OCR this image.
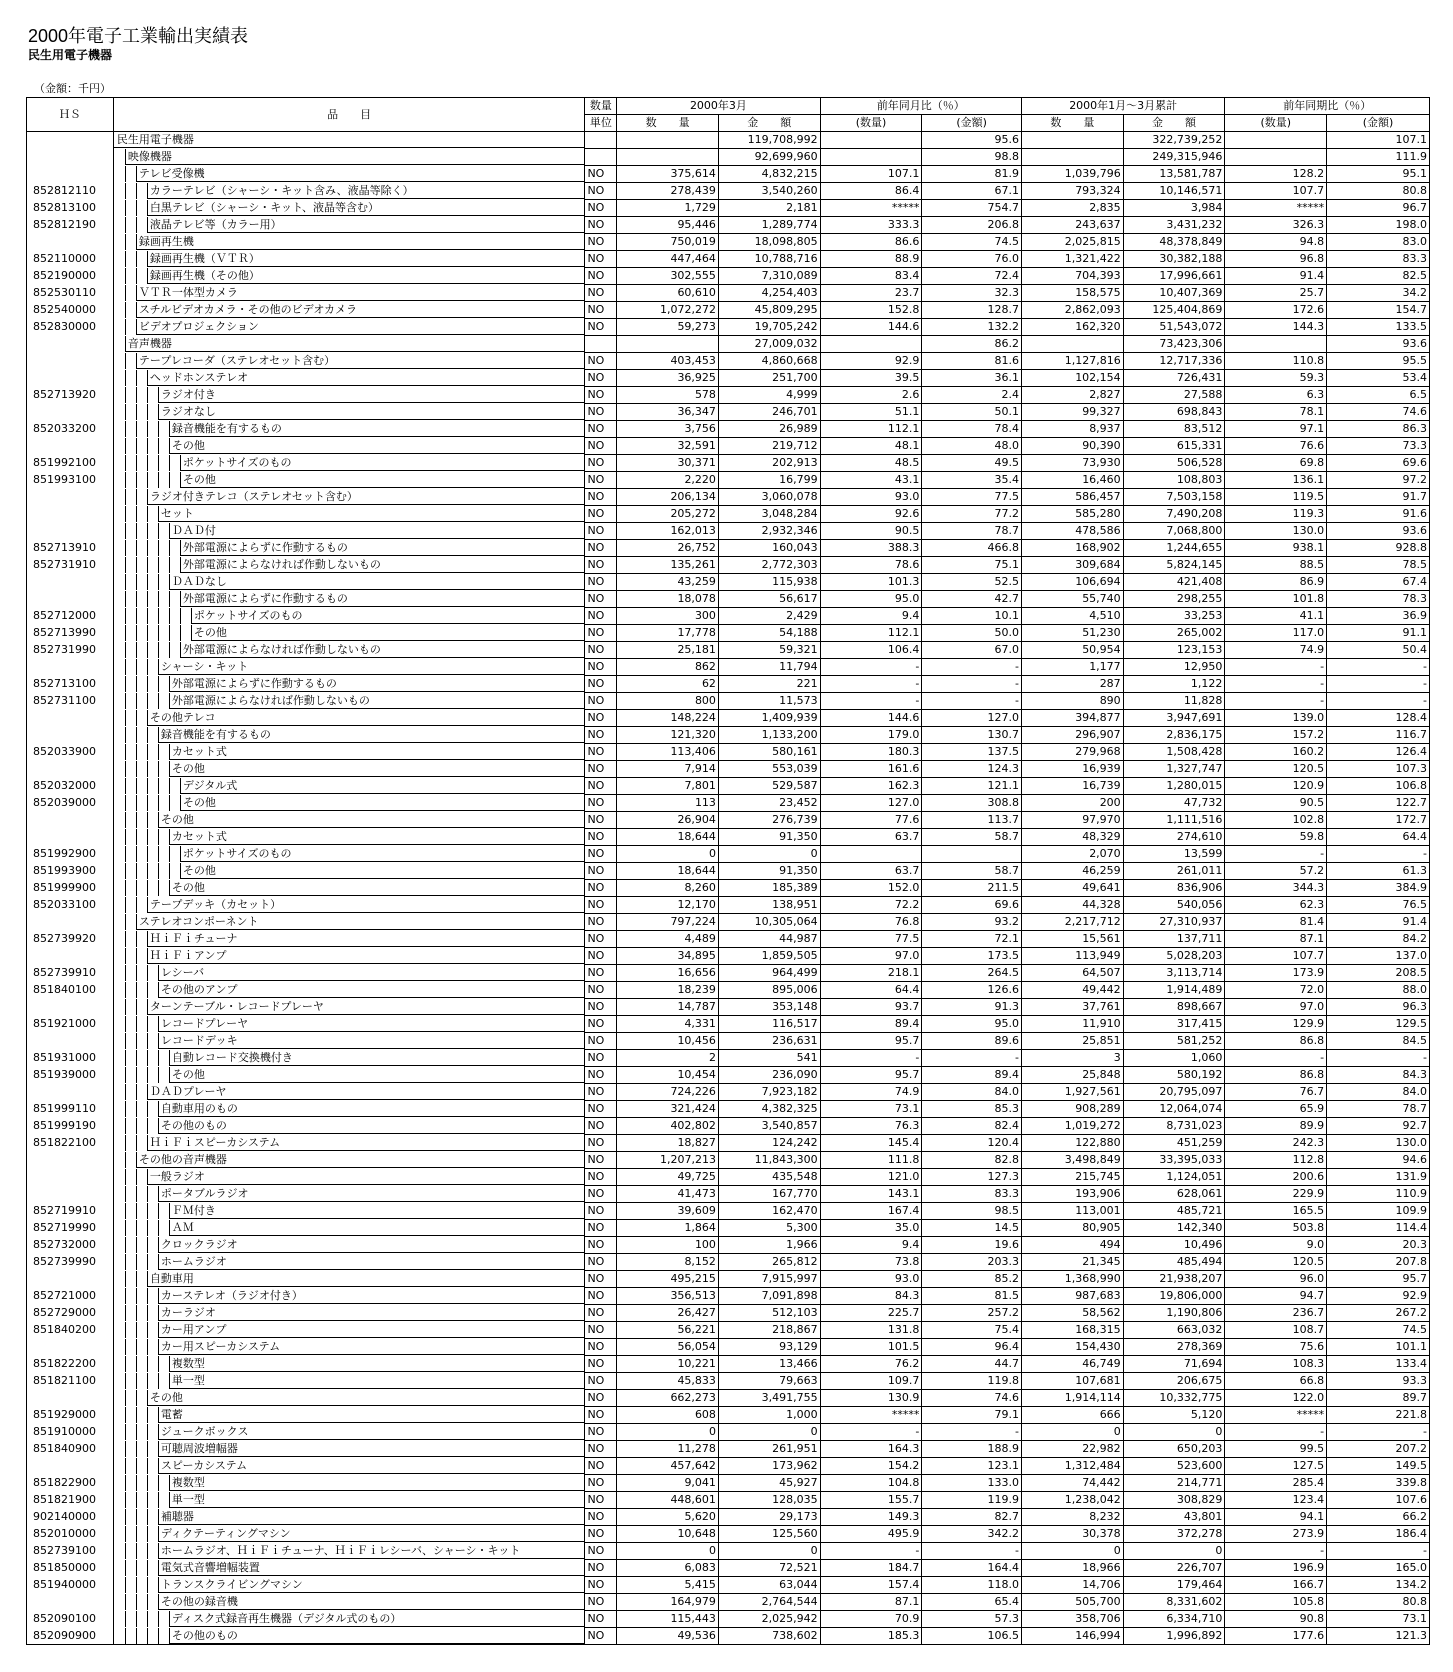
2000年電子工業輸出実績表
民生用電子機器
（金額：千円）
ＨＳ	品　　目	数量	2000年3月		前年同月比（％）		2000年1月～3月累計		前年同期比（％）	
		単位	数　　量	金　　額	(数量)	(金額)	数　　量	金　　額	(数量)	(金額)

	民生用電子機器			119,708,992		95.6		322,739,252		107.1

	映像機器			92,699,960		98.8		249,315,946		111.9

	テレビ受像機	NO	375,614	4,832,215	107.1	81.9	1,039,796	13,581,787	128.2	95.1
852812110	カラーテレビ（シャーシ・キット含み、液晶等除く）	NO	278,439	3,540,260	86.4	67.1	793,324	10,146,571	107.7	80.8
852813100	白黒テレビ（シャーシ・キット、液晶等含む）	NO	1,729	2,181	*****	754.7	2,835	3,984	*****	96.7
852812190	液晶テレビ等（カラー用）	NO	95,446	1,289,774	333.3	206.8	243,637	3,431,232	326.3	198.0

	録画再生機	NO	750,019	18,098,805	86.6	74.5	2,025,815	48,378,849	94.8	83.0
852110000	録画再生機（ＶＴＲ）	NO	447,464	10,788,716	88.9	76.0	1,321,422	30,382,188	96.8	83.3
852190000	録画再生機（その他）	NO	302,555	7,310,089	83.4	72.4	704,393	17,996,661	91.4	82.5
852530110	ＶＴＲ一体型カメラ	NO	60,610	4,254,403	23.7	32.3	158,575	10,407,369	25.7	34.2
852540000	スチルビデオカメラ・その他のビデオカメラ	NO	1,072,272	45,809,295	152.8	128.7	2,862,093	125,404,869	172.6	154.7
852830000	ビデオプロジェクション	NO	59,273	19,705,242	144.6	132.2	162,320	51,543,072	144.3	133.5

	音声機器			27,009,032		86.2		73,423,306		93.6

	テープレコーダ（ステレオセット含む）	NO	403,453	4,860,668	92.9	81.6	1,127,816	12,717,336	110.8	95.5

	ヘッドホンステレオ	NO	36,925	251,700	39.5	36.1	102,154	726,431	59.3	53.4
852713920	ラジオ付き	NO	578	4,999	2.6	2.4	2,827	27,588	6.3	6.5

	ラジオなし	NO	36,347	246,701	51.1	50.1	99,327	698,843	78.1	74.6
852033200	録音機能を有するもの	NO	3,756	26,989	112.1	78.4	8,937	83,512	97.1	86.3

	その他	NO	32,591	219,712	48.1	48.0	90,390	615,331	76.6	73.3
851992100	ポケットサイズのもの	NO	30,371	202,913	48.5	49.5	73,930	506,528	69.8	69.6
851993100	その他	NO	2,220	16,799	43.1	35.4	16,460	108,803	136.1	97.2

	ラジオ付きテレコ（ステレオセット含む）	NO	206,134	3,060,078	93.0	77.5	586,457	7,503,158	119.5	91.7

	セット	NO	205,272	3,048,284	92.6	77.2	585,280	7,490,208	119.3	91.6

	ＤＡＤ付	NO	162,013	2,932,346	90.5	78.7	478,586	7,068,800	130.0	93.6
852713910	外部電源によらずに作動するもの	NO	26,752	160,043	388.3	466.8	168,902	1,244,655	938.1	928.8
852731910	外部電源によらなければ作動しないもの	NO	135,261	2,772,303	78.6	75.1	309,684	5,824,145	88.5	78.5

	ＤＡＤなし	NO	43,259	115,938	101.3	52.5	106,694	421,408	86.9	67.4

	外部電源によらずに作動するもの	NO	18,078	56,617	95.0	42.7	55,740	298,255	101.8	78.3
852712000	ポケットサイズのもの	NO	300	2,429	9.4	10.1	4,510	33,253	41.1	36.9
852713990	その他	NO	17,778	54,188	112.1	50.0	51,230	265,002	117.0	91.1
852731990	外部電源によらなければ作動しないもの	NO	25,181	59,321	106.4	67.0	50,954	123,153	74.9	50.4

	シャーシ・キット	NO	862	11,794	-	-	1,177	12,950	-	-
852713100	外部電源によらずに作動するもの	NO	62	221	-	-	287	1,122	-	-
852731100	外部電源によらなければ作動しないもの	NO	800	11,573	-	-	890	11,828	-	-

	その他テレコ	NO	148,224	1,409,939	144.6	127.0	394,877	3,947,691	139.0	128.4

	録音機能を有するもの	NO	121,320	1,133,200	179.0	130.7	296,907	2,836,175	157.2	116.7
852033900	カセット式	NO	113,406	580,161	180.3	137.5	279,968	1,508,428	160.2	126.4

	その他	NO	7,914	553,039	161.6	124.3	16,939	1,327,747	120.5	107.3
852032000	デジタル式	NO	7,801	529,587	162.3	121.1	16,739	1,280,015	120.9	106.8
852039000	その他	NO	113	23,452	127.0	308.8	200	47,732	90.5	122.7

	その他	NO	26,904	276,739	77.6	113.7	97,970	1,111,516	102.8	172.7

	カセット式	NO	18,644	91,350	63.7	58.7	48,329	274,610	59.8	64.4
851992900	ポケットサイズのもの	NO	0	0			2,070	13,599	-	-
851993900	その他	NO	18,644	91,350	63.7	58.7	46,259	261,011	57.2	61.3
851999900	その他	NO	8,260	185,389	152.0	211.5	49,641	836,906	344.3	384.9
852033100	テープデッキ（カセット）	NO	12,170	138,951	72.2	69.6	44,328	540,056	62.3	76.5

	ステレオコンポーネント	NO	797,224	10,305,064	76.8	93.2	2,217,712	27,310,937	81.4	91.4
852739920	ＨｉＦｉチューナ	NO	4,489	44,987	77.5	72.1	15,561	137,711	87.1	84.2

	ＨｉＦｉアンプ	NO	34,895	1,859,505	97.0	173.5	113,949	5,028,203	107.7	137.0
852739910	レシーバ	NO	16,656	964,499	218.1	264.5	64,507	3,113,714	173.9	208.5
851840100	その他のアンプ	NO	18,239	895,006	64.4	126.6	49,442	1,914,489	72.0	88.0

	ターンテーブル・レコードプレーヤ	NO	14,787	353,148	93.7	91.3	37,761	898,667	97.0	96.3
851921000	レコードプレーヤ	NO	4,331	116,517	89.4	95.0	11,910	317,415	129.9	129.5

	レコードデッキ	NO	10,456	236,631	95.7	89.6	25,851	581,252	86.8	84.5
851931000	自動レコード交換機付き	NO	2	541	-	-	3	1,060	-	-
851939000	その他	NO	10,454	236,090	95.7	89.4	25,848	580,192	86.8	84.3

	ＤＡＤプレーヤ	NO	724,226	7,923,182	74.9	84.0	1,927,561	20,795,097	76.7	84.0
851999110	自動車用のもの	NO	321,424	4,382,325	73.1	85.3	908,289	12,064,074	65.9	78.7
851999190	その他のもの	NO	402,802	3,540,857	76.3	82.4	1,019,272	8,731,023	89.9	92.7
851822100	ＨｉＦｉスピーカシステム	NO	18,827	124,242	145.4	120.4	122,880	451,259	242.3	130.0

	その他の音声機器	NO	1,207,213	11,843,300	111.8	82.8	3,498,849	33,395,033	112.8	94.6

	一般ラジオ	NO	49,725	435,548	121.0	127.3	215,745	1,124,051	200.6	131.9

	ポータブルラジオ	NO	41,473	167,770	143.1	83.3	193,906	628,061	229.9	110.9
852719910	ＦＭ付き	NO	39,609	162,470	167.4	98.5	113,001	485,721	165.5	109.9
852719990	ＡＭ	NO	1,864	5,300	35.0	14.5	80,905	142,340	503.8	114.4
852732000	クロックラジオ	NO	100	1,966	9.4	19.6	494	10,496	9.0	20.3
852739990	ホームラジオ	NO	8,152	265,812	73.8	203.3	21,345	485,494	120.5	207.8

	自動車用	NO	495,215	7,915,997	93.0	85.2	1,368,990	21,938,207	96.0	95.7
852721000	カーステレオ（ラジオ付き）	NO	356,513	7,091,898	84.3	81.5	987,683	19,806,000	94.7	92.9
852729000	カーラジオ	NO	26,427	512,103	225.7	257.2	58,562	1,190,806	236.7	267.2
851840200	カー用アンプ	NO	56,221	218,867	131.8	75.4	168,315	663,032	108.7	74.5

	カー用スピーカシステム	NO	56,054	93,129	101.5	96.4	154,430	278,369	75.6	101.1
851822200	複数型	NO	10,221	13,466	76.2	44.7	46,749	71,694	108.3	133.4
851821100	単一型	NO	45,833	79,663	109.7	119.8	107,681	206,675	66.8	93.3

	その他	NO	662,273	3,491,755	130.9	74.6	1,914,114	10,332,775	122.0	89.7
851929000	電蓄	NO	608	1,000	*****	79.1	666	5,120	*****	221.8
851910000	ジュークボックス	NO	0	0	-	-	0	0	-	-
851840900	可聴周波増幅器	NO	11,278	261,951	164.3	188.9	22,982	650,203	99.5	207.2

	スピーカシステム	NO	457,642	173,962	154.2	123.1	1,312,484	523,600	127.5	149.5
851822900	複数型	NO	9,041	45,927	104.8	133.0	74,442	214,771	285.4	339.8
851821900	単一型	NO	448,601	128,035	155.7	119.9	1,238,042	308,829	123.4	107.6
902140000	補聴器	NO	5,620	29,173	149.3	82.7	8,232	43,801	94.1	66.2
852010000	ディクテーティングマシン	NO	10,648	125,560	495.9	342.2	30,378	372,278	273.9	186.4
852739100	ホームラジオ、ＨｉＦｉチューナ、ＨｉＦｉレシーバ、シャーシ・キット	NO	0	0	-	-	0	0	-	-
851850000	電気式音響増幅装置	NO	6,083	72,521	184.7	164.4	18,966	226,707	196.9	165.0
851940000	トランスクライビングマシン	NO	5,415	63,044	157.4	118.0	14,706	179,464	166.7	134.2

	その他の録音機	NO	164,979	2,764,544	87.1	65.4	505,700	8,331,602	105.8	80.8
852090100	ディスク式録音再生機器（デジタル式のもの）	NO	115,443	2,025,942	70.9	57.3	358,706	6,334,710	90.8	73.1
852090900	その他のもの	NO	49,536	738,602	185.3	106.5	146,994	1,996,892	177.6	121.3
